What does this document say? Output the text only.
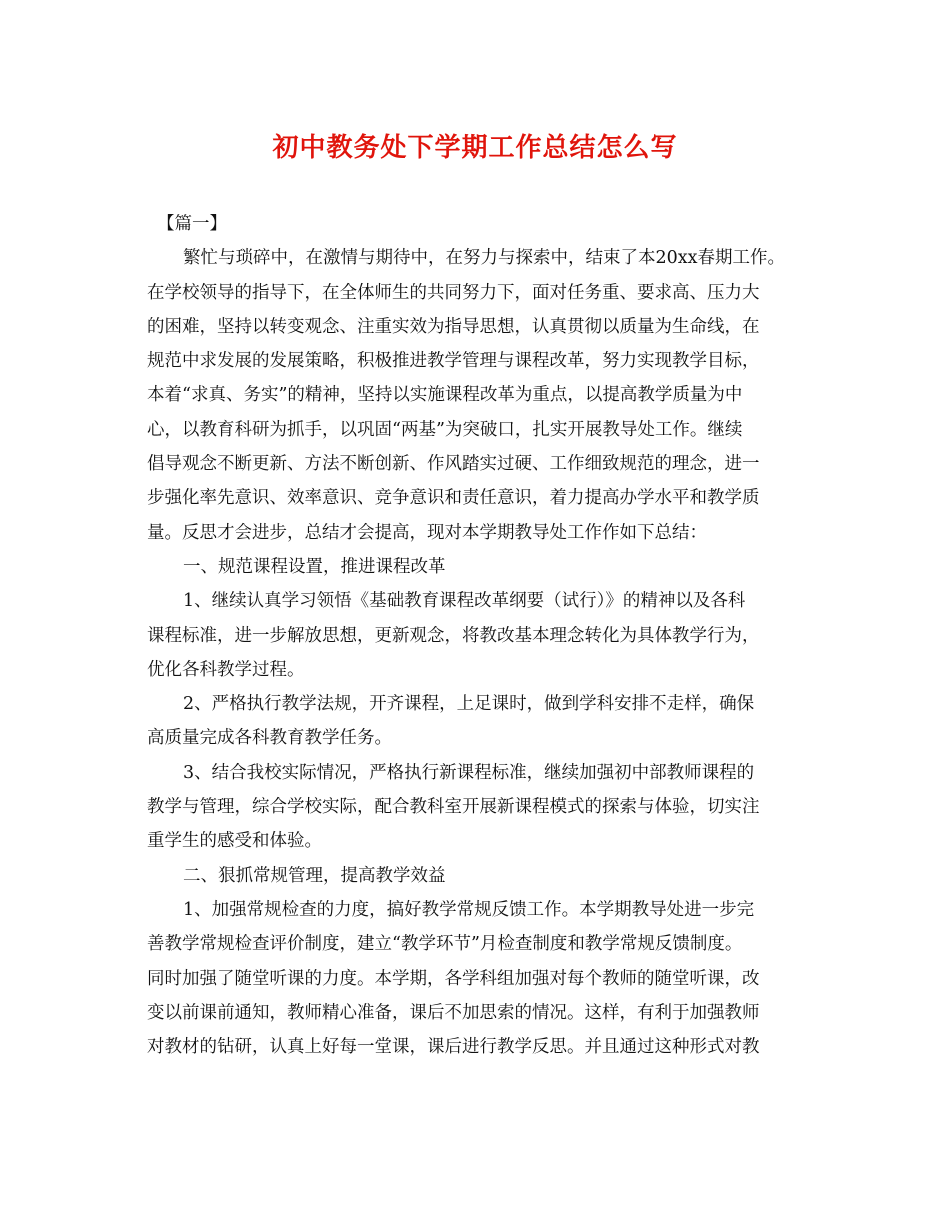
初中教务处下学期工作总结怎么写
【篇一】
繁忙与琐碎中，在激情与期待中，在努力与探索中，结束了本20xx春期工作。
在学校领导的指导下，在全体师生的共同努力下，面对任务重、要求高、压力大
的困难，坚持以转变观念、注重实效为指导思想，认真贯彻以质量为生命线，在
规范中求发展的发展策略，积极推进教学管理与课程改革，努力实现教学目标，
本着“求真、务实”的精神，坚持以实施课程改革为重点，以提高教学质量为中
心，以教育科研为抓手，以巩固“两基”为突破口，扎实开展教导处工作。继续
倡导观念不断更新、方法不断创新、作风踏实过硬、工作细致规范的理念，进一
步强化率先意识、效率意识、竞争意识和责任意识，着力提高办学水平和教学质
量。反思才会进步，总结才会提高，现对本学期教导处工作作如下总结：
一、规范课程设置，推进课程改革
1、继续认真学习领悟《基础教育课程改革纲要（试行）》的精神以及各科
课程标准，进一步解放思想，更新观念，将教改基本理念转化为具体教学行为，
优化各科教学过程。
2、严格执行教学法规，开齐课程，上足课时，做到学科安排不走样，确保
高质量完成各科教育教学任务。
3、结合我校实际情况，严格执行新课程标准，继续加强初中部教师课程的
教学与管理，综合学校实际，配合教科室开展新课程模式的探索与体验，切实注
重学生的感受和体验。
二、狠抓常规管理，提高教学效益
1、加强常规检查的力度，搞好教学常规反馈工作。本学期教导处进一步完
善教学常规检查评价制度，建立“教学环节”月检查制度和教学常规反馈制度。
同时加强了随堂听课的力度。本学期，各学科组加强对每个教师的随堂听课，改
变以前课前通知，教师精心准备，课后不加思索的情况。这样，有利于加强教师
对教材的钻研，认真上好每一堂课，课后进行教学反思。并且通过这种形式对教
